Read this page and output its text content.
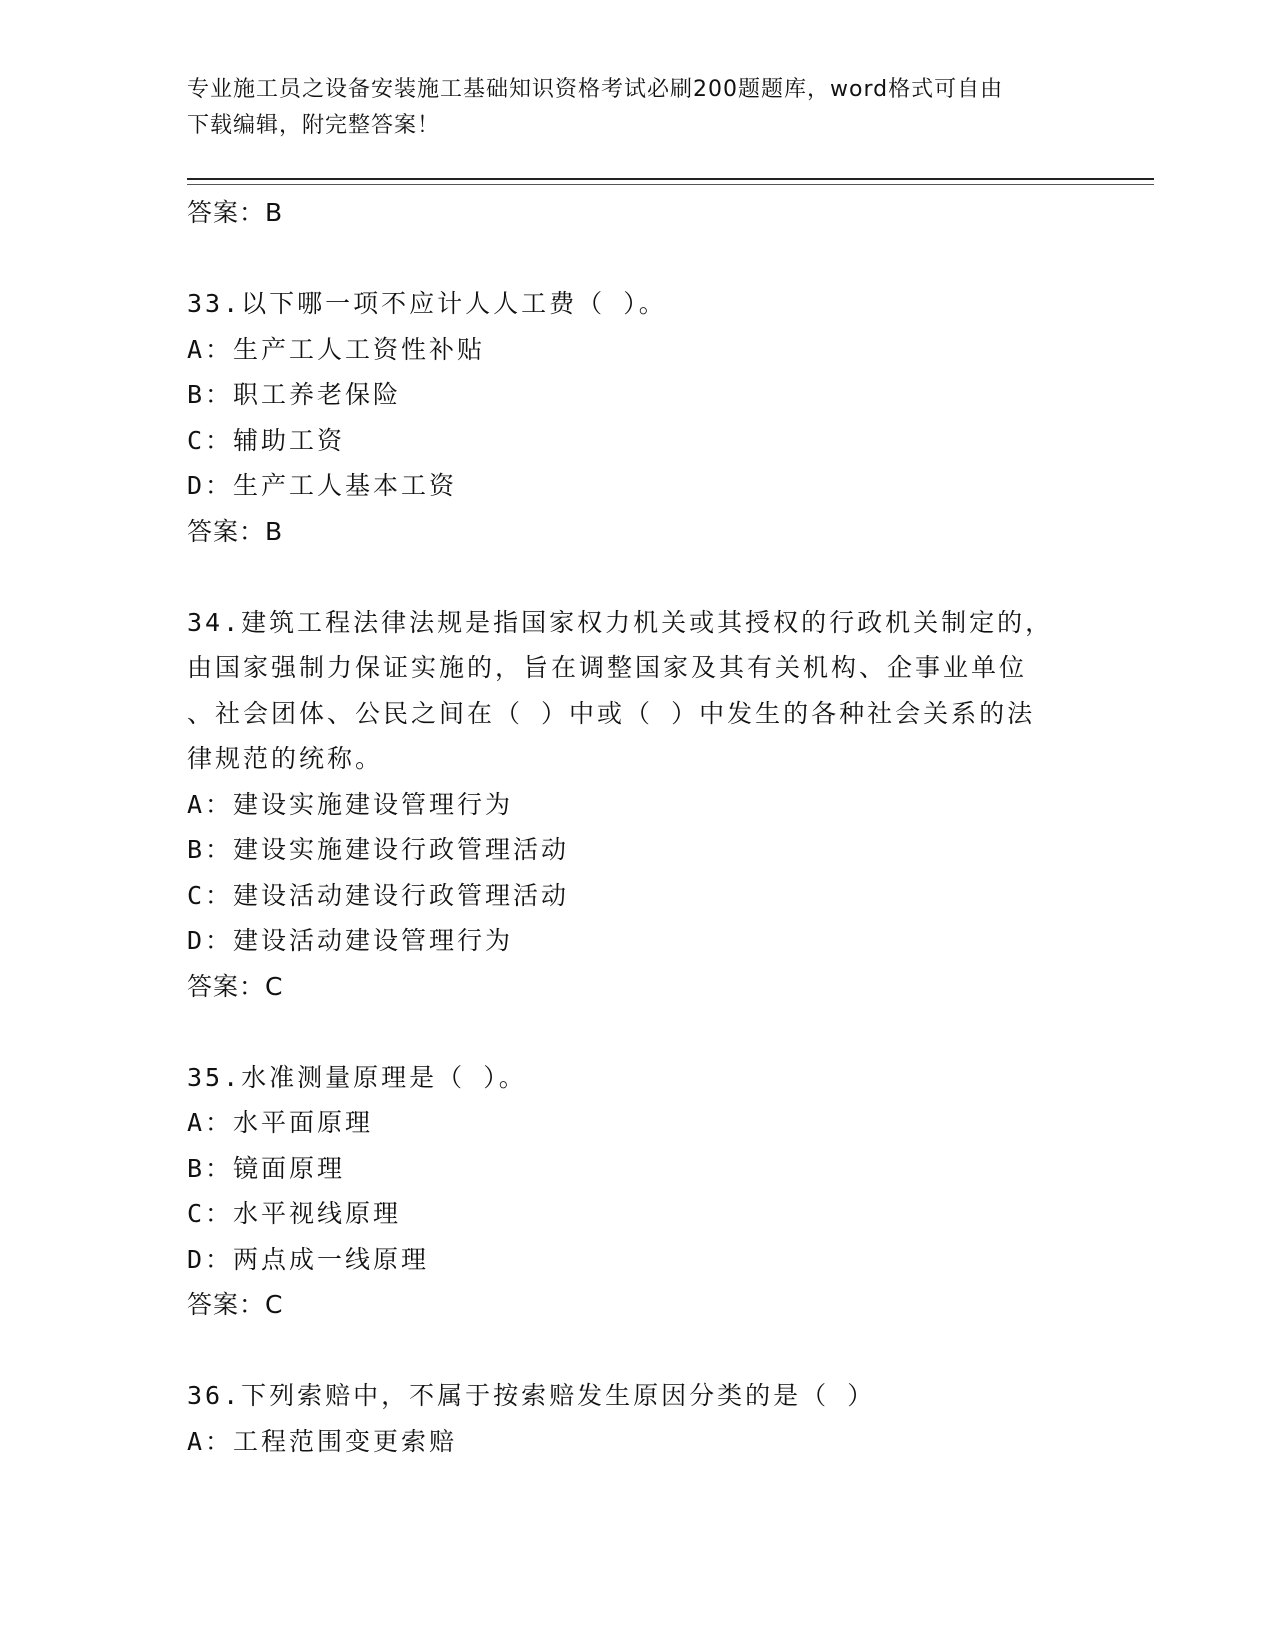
专业施工员之设备安装施工基础知识资格考试必刷200题题库，word格式可自由
下载编辑，附完整答案！
答案：B
33.以下哪一项不应计人人工费（ ）。
A：生产工人工资性补贴
B：职工养老保险
C：辅助工资
D：生产工人基本工资
答案：B
34.建筑工程法律法规是指国家权力机关或其授权的行政机关制定的，
由国家强制力保证实施的，旨在调整国家及其有关机构、企事业单位
、社会团体、公民之间在（ ）中或（ ）中发生的各种社会关系的法
律规范的统称。
A：建设实施建设管理行为
B：建设实施建设行政管理活动
C：建设活动建设行政管理活动
D：建设活动建设管理行为
答案：C
35.水准测量原理是（ ）。
A：水平面原理
B：镜面原理
C：水平视线原理
D：两点成一线原理
答案：C
36.下列索赔中，不属于按索赔发生原因分类的是（ ）
A：工程范围变更索赔
